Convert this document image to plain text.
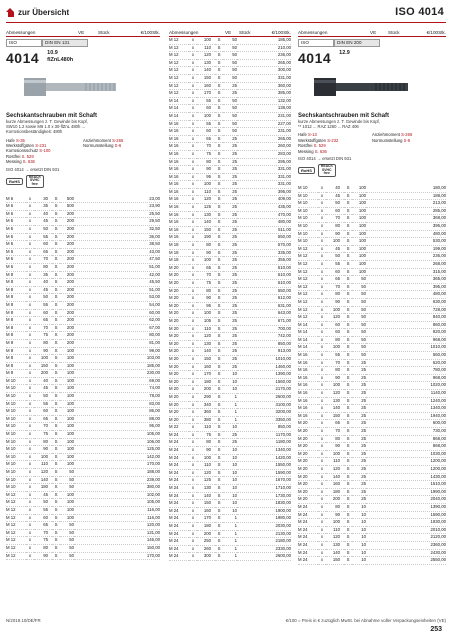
zur Übersicht	ISO 4014
Abmessungen	VE	Stück	€/100Stk.
ISO	DIN EN 131
4014 10.9
flZnL480h
Sechskantschrauben mit Schaft
kurze Abmessungen z. T. Gewinde bis Kopf,
SW10 1.2 sowie M6 1.0 x 30-flZnL 480h ...
Korrosionsbeständigkeit: 480h
Hafe S-35	Anziehmoment S-265
Werkstoffgüten S-231	Normumstellung S-6
Korrosionsschutz S-100
Rostfrei S. 529
Messing S. 636
ISO 4014 → ersetzt DIN 931
RoHS
REACh
SVHC
free
M 6	x	30	S	500	23,00
M 6	x	35	S	500	23,90
M 6	x	40	S	200	25,50
M 6	x	45	S	200	29,50
M 6	x	50	S	200	32,50
M 6	x	55	S	200	36,00
M 6	x	60	S	200	38,50
M 6	x	65	S	200	43,00
M 6	x	70	S	200	47,50
M 6	x	80	S	200	51,00
M 8	x	35	S	200	42,00
M 8	x	40	S	200	45,50
M 8	x	45	S	200	51,00
M 8	x	50	S	200	53,00
M 8	x	55	S	200	54,00
M 8	x	60	S	200	60,00
M 8	x	65	S	200	62,00
M 8	x	70	S	200	67,00
M 8	x	75	S	200	80,00
M 8	x	80	S	200	81,00
M 8	x	90	S	100	99,00
M 8	x	100	S	100	103,00
M 8	x	150	S	100	185,00
M 8	x	200	S	100	230,00
M 10	x	40	S	100	69,00
M 10	x	45	S	100	74,00
M 10	x	50	S	100	78,00
M 10	x	55	S	100	83,00
M 10	x	60	S	100	86,00
M 10	x	65	S	100	88,00
M 10	x	70	S	100	95,00
M 10	x	75	S	100	105,00
M 10	x	80	S	100	106,00
M 10	x	90	S	100	125,00
M 10	x	100	S	100	142,00
M 10	x	110	S	100	170,00
M 10	x	120	S	50	188,00
M 10	x	140	S	50	239,00
M 10	x	180	S	50	380,00
M 12	x	45	S	100	102,00
M 12	x	50	S	100	105,00
M 12	x	55	S	100	116,00
M 12	x	60	S	100	116,00
M 12	x	65	S	50	120,00
M 12	x	70	S	50	131,00
M 12	x	75	S	50	146,00
M 12	x	80	S	50	150,00
M 12	x	90	S	50	170,00
Abmessungen	VE	Stück	€/100Stk.
M 12	x	100	S	50	186,00
M 12	x	110	S	50	210,00
M 12	x	120	S	50	236,00
M 12	x	130	S	50	265,00
M 12	x	140	S	50	300,00
M 12	x	150	S	50	331,00
M 12	x	160	S	25	360,00
M 12	x	170	S	25	385,00
M 14	x	55	S	50	132,00
M 14	x	60	S	50	138,00
M 14	x	100	S	50	231,00
M 16	x	55	S	50	227,00
M 16	x	60	S	50	231,00
M 16	x	65	S	25	265,00
M 16	x	70	S	25	260,00
M 16	x	75	S	25	283,00
M 16	x	80	S	25	295,00
M 16	x	90	S	25	331,00
M 16	x	95	S	25	331,00
M 16	x	100	S	25	331,00
M 16	x	110	S	25	395,00
M 16	x	120	S	25	409,00
M 16	x	125	S	25	435,00
M 16	x	130	S	25	470,00
M 16	x	140	S	25	480,00
M 16	x	150	S	25	511,00
M 16	x	190	S	25	550,00
M 18	x	80	S	25	570,00
M 18	x	90	S	25	335,00
M 18	x	100	S	25	355,00
M 20	x	65	S	25	510,00
M 20	x	70	S	25	510,00
M 20	x	75	S	25	510,00
M 20	x	80	S	25	550,00
M 20	x	90	S	25	612,00
M 20	x	95	S	25	631,00
M 20	x	100	S	25	643,00
M 20	x	105	S	25	671,00
M 20	x	110	S	25	700,00
M 20	x	120	S	25	742,00
M 20	x	130	S	25	850,00
M 20	x	140	S	25	913,00
M 20	x	150	S	25	1010,00
M 20	x	160	S	25	1460,00
M 20	x	170	S	10	1390,00
M 20	x	180	S	10	1560,00
M 20	x	200	S	10	2170,00
M 20	x	290	S	1	2600,00
M 20	x	340	S	1	3100,00
M 20	x	360	S	1	3200,00
M 20	x	380	S	1	3350,00
M 22	x	110	S	10	850,00
M 24	x	75	S	25	1170,00
M 24	x	80	S	25	1180,00
M 24	x	90	S	10	1340,00
M 24	x	100	S	10	1420,00
M 24	x	110	S	10	1550,00
M 24	x	120	S	10	1590,00
M 24	x	125	S	10	1670,00
M 24	x	130	S	10	1710,00
M 24	x	140	S	10	1730,00
M 24	x	150	S	10	1830,00
M 24	x	160	S	10	1900,00
M 24	x	170	S	1	1980,00
M 24	x	180	S	1	2030,00
M 24	x	200	S	1	2130,00
M 24	x	250	S	1	2180,00
M 24	x	260	S	1	2330,00
M 24	x	300	S	1	2600,00
Abmessungen	VE	Stück	€/100Stk.
ISO	DIN EN 200
4014 12.9
Sechskantschrauben mit Schaft
kurze Abmessungen z. T. Gewinde bis Kopf,
** 1012 ... RAZ 1260 ... RAZ 406
Hafe S-13	Anziehmoment S-266
Werkstoffgüten S-232	Normumstellung S-6
Rostfrei S. 529
Messing S. 636
ISO 4014 → ersetzt DIN 931
RoHS
REACh
SVHC
free
M 10	x	40	S	100	180,00
M 10	x	45	S	100	188,00
M 10	x	50	S	100	213,00
M 10	x	60	S	100	285,00
M 10	x	70	S	100	368,00
M 10	x	80	S	100	395,00
M 10	x	90	S	100	480,00
M 10	x	100	S	100	530,00
M 12	x	45	S	100	199,00
M 12	x	50	S	100	236,00
M 12	x	55	S	100	268,00
M 12	x	60	S	100	315,00
M 12	x	65	S	50	365,00
M 12	x	70	S	50	395,00
M 12	x	80	S	50	480,00
M 12	x	90	S	50	630,00
M 12	x	100	S	50	728,00
M 12	x	120	S	50	840,00
M 14	x	60	S	50	860,00
M 14	x	60	S	50	920,00
M 14	x	80	S	50	968,00
M 14	x	100	S	50	1010,00
M 16	x	55	S	50	560,00
M 16	x	70	S	25	620,00
M 16	x	80	S	25	780,00
M 16	x	90	S	25	968,00
M 16	x	100	S	25	1020,00
M 16	x	120	S	25	1140,00
M 16	x	130	S	25	1240,00
M 16	x	140	S	25	1340,00
M 16	x	150	S	25	1940,00
M 20	x	65	S	25	600,00
M 20	x	70	S	25	730,00
M 20	x	80	S	25	868,00
M 20	x	90	S	25	868,00
M 20	x	100	S	25	1030,00
M 20	x	110	S	25	1200,00
M 20	x	120	S	25	1200,00
M 20	x	140	S	25	1430,00
M 20	x	160	S	25	1510,00
M 20	x	180	S	25	1990,00
M 20	x	200	S	25	2040,00
M 24	x	80	S	10	1390,00
M 24	x	90	S	10	1590,00
M 24	x	100	S	10	1930,00
M 24	x	110	S	10	2010,00
M 24	x	120	S	10	2120,00
M 24	x	130	S	10	2360,00
M 24	x	140	S	10	2430,00
M 24	x	150	S	10	2550,00
N/2019.10/DE/FR	€/100 = Preis in € zuzüglich MwSt. bei Abnahme voller Verpackungseinheiten (VE)
253
